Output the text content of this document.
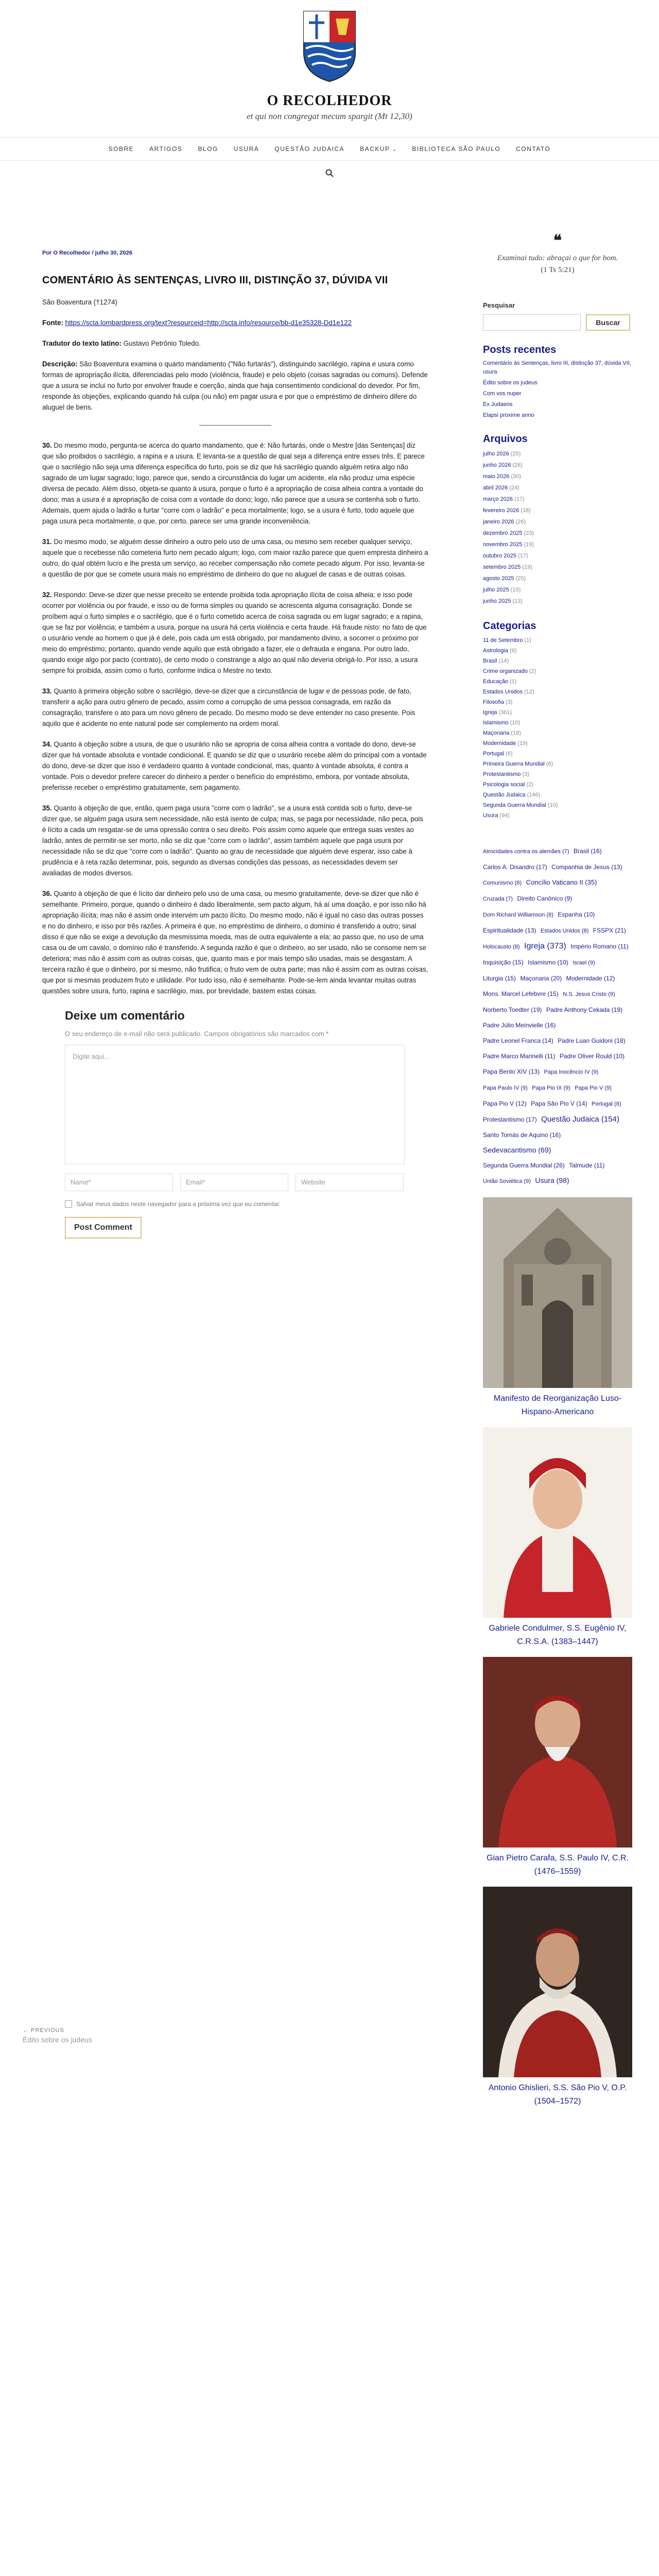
O RECOLHEDOR
et qui non congregat mecum spargit (Mt 12,30)
SOBRE	ARTIGOS	BLOG	USURA	QUESTÃO JUDAICA	BACKUP ⌄	BIBLIOTECA SÃO PAULO	CONTATO
Por O Recolhedor / julho 30, 2026
COMENTÁRIO ÀS SENTENÇAS, LIVRO III, DISTINÇÃO 37, DÚVIDA VII

São Boaventura (†1274)

Fonte: https://scta.lombardpress.org/text?resourceid=http://scta.info/resource/bb-d1e35328-Dd1e122

Tradutor do texto latino: Gustavo Petrônio Toledo.

Descrição: São Boaventura examina o quarto mandamento ("Não furtarás"), distinguindo sacrilégio, rapina e usura como formas de apropriação ilícita, diferenciadas pelo modo (violência, fraude) e pelo objeto (coisas sagradas ou comuns). Defende que a usura se inclui no furto por envolver fraude e coerção, ainda que haja consentimento condicional do devedor. Por fim, responde às objeções, explicando quando há culpa (ou não) em pagar usura e por que o empréstimo de dinheiro difere do aluguel de bens.

30. Do mesmo modo, pergunta-se acerca do quarto mandamento, que é: Não furtarás, onde o Mestre [das Sentenças] diz que são proibidos o sacrilégio, a rapina e a usura. E levanta-se a questão de qual seja a diferença entre esses três. E parece que o sacrilégio não seja uma diferença específica do furto, pois se diz que há sacrilégio quando alguém retira algo não sagrado de um lugar sagrado; logo, parece que, sendo a circunstância do lugar um acidente, ela não produz uma espécie diversa de pecado. Além disso, objeta-se quanto à usura, porque o furto é a apropriação de coisa alheia contra a vontade do dono; mas a usura é a apropriação de coisa com a vontade do dono; logo, não parece que a usura se contenha sob o furto. Ademais, quem ajuda o ladrão a furtar "corre com o ladrão" e peca mortalmente; logo, se a usura é furto, todo aquele que paga usura peca mortalmente, o que, por certo, parece ser uma grande inconveniência.

31. Do mesmo modo, se alguém desse dinheiro a outro pelo uso de uma casa, ou mesmo sem receber qualquer serviço, aquele que o recebesse não cometeria furto nem pecado algum; logo, com maior razão parece que quem empresta dinheiro a outro, do qual obtém lucro e lhe presta um serviço, ao receber compensação não comete pecado algum. Por isso, levanta-se a questão de por que se comete usura mais no empréstimo de dinheiro do que no aluguel de casas e de outras coisas.

32. Respondo: Deve-se dizer que nesse preceito se entende proibida toda apropriação ilícita de coisa alheia; e isso pode ocorrer por violência ou por fraude, e isso ou de forma simples ou quando se acrescenta alguma consagração. Donde se proíbem aqui o furto simples e o sacrilégio, que é o furto cometido acerca de coisa sagrada ou em lugar sagrado; e a rapina, que se faz por violência; e também a usura, porque na usura há certa violência e certa fraude. Há fraude nisto: no fato de que o usurário vende ao homem o que já é dele, pois cada um está obrigado, por mandamento divino, a socorrer o próximo por meio do empréstimo; portanto, quando vende aquilo que está obrigado a fazer, ele o defrauda e engana. Por outro lado, quando exige algo por pacto (contrato), de certo modo o constrange a algo ao qual não deveria obrigá-lo. Por isso, a usura sempre foi proibida, assim como o furto, conforme indica o Mestre no texto.

33. Quanto à primeira objeção sobre o sacrilégio, deve-se dizer que a circunstância de lugar e de pessoas pode, de fato, transferir a ação para outro gênero de pecado, assim como a corrupção de uma pessoa consagrada, em razão da consagração, transfere o ato para um novo gênero de pecado. Do mesmo modo se deve entender no caso presente. Pois aquilo que é acidente no ente natural pode ser complemento na ordem moral.

34. Quanto à objeção sobre a usura, de que o usurário não se apropria de coisa alheia contra a vontade do dono, deve-se dizer que há vontade absoluta e vontade condicional. E quando se diz que o usurário recebe além do principal com a vontade do dono, deve-se dizer que isso é verdadeiro quanto à vontade condicional, mas, quanto à vontade absoluta, é contra a vontade. Pois o devedor prefere carecer do dinheiro a perder o benefício do empréstimo, embora, por vontade absoluta, preferisse receber o empréstimo gratuitamente, sem pagamento.

35. Quanto à objeção de que, então, quem paga usura "corre com o ladrão", se a usura está contida sob o furto, deve-se dizer que, se alguém paga usura sem necessidade, não está isento de culpa; mas, se paga por necessidade, não peca, pois é lícito a cada um resgatar-se de uma opressão contra o seu direito. Pois assim como aquele que entrega suas vestes ao ladrão, antes de permitir-se ser morto, não se diz que "corre com o ladrão", assim também aquele que paga usura por necessidade não se diz que "corre com o ladrão". Quanto ao grau de necessidade que alguém deve esperar, isso cabe à prudência e à reta razão determinar, pois, segundo as diversas condições das pessoas, as necessidades devem ser avaliadas de modos diversos.

36. Quanto à objeção de que é lícito dar dinheiro pelo uso de uma casa, ou mesmo gratuitamente, deve-se dizer que não é semelhante. Primeiro, porque, quando o dinheiro é dado liberalmente, sem pacto algum, há aí uma doação, e por isso não há apropriação ilícita; mas não é assim onde intervém um pacto ilícito. Do mesmo modo, não é igual no caso das outras posses e no do dinheiro, e isso por três razões. A primeira é que, no empréstimo de dinheiro, o domínio é transferido a outro; sinal disso é que não se exige a devolução da mesmíssima moeda, mas de outra equivalente a ela; ao passo que, no uso de uma casa ou de um cavalo, o domínio não é transferido. A segunda razão é que o dinheiro, ao ser usado, não se consome nem se deteriora; mas não é assim com as outras coisas, que, quanto mais e por mais tempo são usadas, mais se desgastam. A terceira razão é que o dinheiro, por si mesmo, não frutifica; o fruto vem de outra parte; mas não é assim com as outras coisas, que por si mesmas produzem fruto e utilidade. Por tudo isso, não é semelhante. Pode-se-lem ainda levantar muitas outras questões sobre usura, furto, rapina e sacrilégio, mas, por brevidade, bastem estas coisas.

Deixe um comentário
O seu endereço de e-mail não será publicado. Campos obrigatórios são marcados com *
Digite aqui...
Name*	Email*	Website
Salvar meus dados neste navegador para a próxima vez que eu comentar.
Post Comment
← PREVIOUS
Édito sobre os judeus
❝
Examinai tudo: abraçai o que for bom.
(1 Ts 5:21)
Pesquisar
Buscar
Posts recentes
Comentário às Sentenças, livro III, distinção 37, dúvida VII, usura
Édito sobre os judeus
Com vos nuper
Ex Judaeos
Elapsi proxime anno
Arquivos
julho 2026 (25)
junho 2026 (26)
maio 2026 (30)
abril 2026 (24)
março 2026 (17)
fevereiro 2026 (18)
janeiro 2026 (26)
dezembro 2025 (23)
novembro 2025 (19)
outubro 2025 (17)
setembro 2025 (19)
agosto 2025 (25)
julho 2025 (15)
junho 2025 (13)
Categorias
11 de Setembro (1)
Astrologia (6)
Brasil (14)
Crime organizado (2)
Educação (1)
Estados Unidos (12)
Filosofia (3)
Igreja (361)
Islamismo (10)
Maçonaria (18)
Modernidade (19)
Portugal (6)
Primeira Guerra Mundial (6)
Protestantismo (3)
Psicologia social (2)
Questão Judaica (146)
Segunda Guerra Mundial (10)
Usura (94)
Atrocidades contra os alemães (7) Brasil (16) Carlos A. Disandro (17) Companhia de Jesus (13) Comunismo (8) Concílio Vaticano II (35) Cruzada (7) Direito Canônico (9) Dom Richard Williamson (8) Espanha (10) Espiritualidade (13) Estados Unidos (8) FSSPX (21) Holocausto (8) Igreja (373) Império Romano (11) Inquisição (15) Islamismo (10) Israel (9) Liturgia (15) Maçonaria (20) Modernidade (12) Mons. Marcel Lefebvre (15) N.S. Jesus Cristo (9) Norberto Toedter (19) Padre Anthony Cekada (19) Padre Júlio Meinvielle (16) Padre Leonel Franca (14) Padre Luan Guidoni (18) Padre Marco Marinelli (11) Padre Oliver Rould (10) Papa Bento XIV (13) Papa Inocêncio IV (9) Papa Paulo IV (9) Papa Pio IX (9) Papa Pio V (9) Papa Pio V (12) Papa São Pio V (14) Portugal (8) Protestantismo (17) Questão Judaica (154) Santo Tomás de Aquino (16) Sedevacantismo (69) Segunda Guerra Mundial (26) Talmude (11) União Soviética (9) Usura (98)
Manifesto de Reorganização Luso-Hispano-Americano
Gabriele Condulmer, S.S. Eugênio IV, C.R.S.A. (1383–1447)
Gian Pietro Carafa, S.S. Paulo IV, C.R. (1476–1559)
Antonio Ghislieri, S.S. São Pio V, O.P. (1504–1572)
